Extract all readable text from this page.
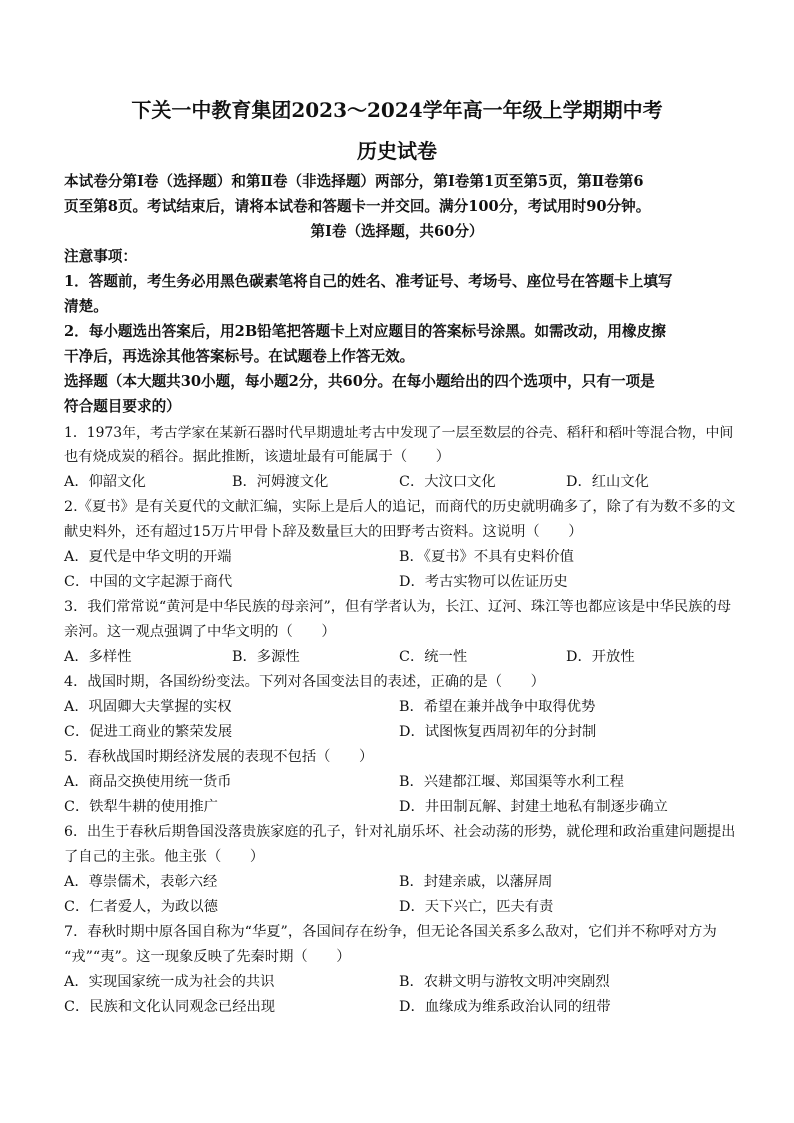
下关一中教育集团2023～2024学年高一年级上学期期中考
历史试卷
本试卷分第Ⅰ卷（选择题）和第Ⅱ卷（非选择题）两部分，第Ⅰ卷第1页至第5页，第Ⅱ卷第6
页至第8页。考试结束后，请将本试卷和答题卡一并交回。满分100分，考试用时90分钟。
第Ⅰ卷（选择题，共60分）
注意事项：
1．答题前，考生务必用黑色碳素笔将自己的姓名、准考证号、考场号、座位号在答题卡上填写
清楚。
2．每小题选出答案后，用2B铅笔把答题卡上对应题目的答案标号涂黑。如需改动，用橡皮擦
干净后，再选涂其他答案标号。在试题卷上作答无效。
选择题（本大题共30小题，每小题2分，共60分。在每小题给出的四个选项中，只有一项是
符合题目要求的）
1．1973年，考古学家在某新石器时代早期遗址考古中发现了一层至数层的谷壳、稻秆和稻叶等混合物，中间
也有烧成炭的稻谷。据此推断，该遗址最有可能属于（　　）
A．仰韶文化	B．河姆渡文化	C．大汶口文化	D．红山文化
2.《夏书》是有关夏代的文献汇编，实际上是后人的追记，而商代的历史就明确多了，除了有为数不多的文
献史料外，还有超过15万片甲骨卜辞及数量巨大的田野考古资料。这说明（　　）
A．夏代是中华文明的开端	B．《夏书》不具有史料价值
C．中国的文字起源于商代	D．考古实物可以佐证历史
3．我们常常说“黄河是中华民族的母亲河”，但有学者认为，长江、辽河、珠江等也都应该是中华民族的母
亲河。这一观点强调了中华文明的（　　）
A．多样性	B．多源性	C．统一性	D．开放性
4．战国时期，各国纷纷变法。下列对各国变法目的表述，正确的是（　　）
A．巩固卿大夫掌握的实权	B．希望在兼并战争中取得优势
C．促进工商业的繁荣发展	D．试图恢复西周初年的分封制
5．春秋战国时期经济发展的表现不包括（　　）
A．商品交换使用统一货币	B．兴建都江堰、郑国渠等水利工程
C．铁犁牛耕的使用推广	D．井田制瓦解、封建土地私有制逐步确立
6．出生于春秋后期鲁国没落贵族家庭的孔子，针对礼崩乐坏、社会动荡的形势，就伦理和政治重建问题提出
了自己的主张。他主张（　　）
A．尊崇儒术，表彰六经	B．封建亲戚，以藩屏周
C．仁者爱人，为政以德	D．天下兴亡，匹夫有责
7．春秋时期中原各国自称为“华夏”，各国间存在纷争，但无论各国关系多么敌对，它们并不称呼对方为
“戎”“夷”。这一现象反映了先秦时期（　　）
A．实现国家统一成为社会的共识	B．农耕文明与游牧文明冲突剧烈
C．民族和文化认同观念已经出现	D．血缘成为维系政治认同的纽带
